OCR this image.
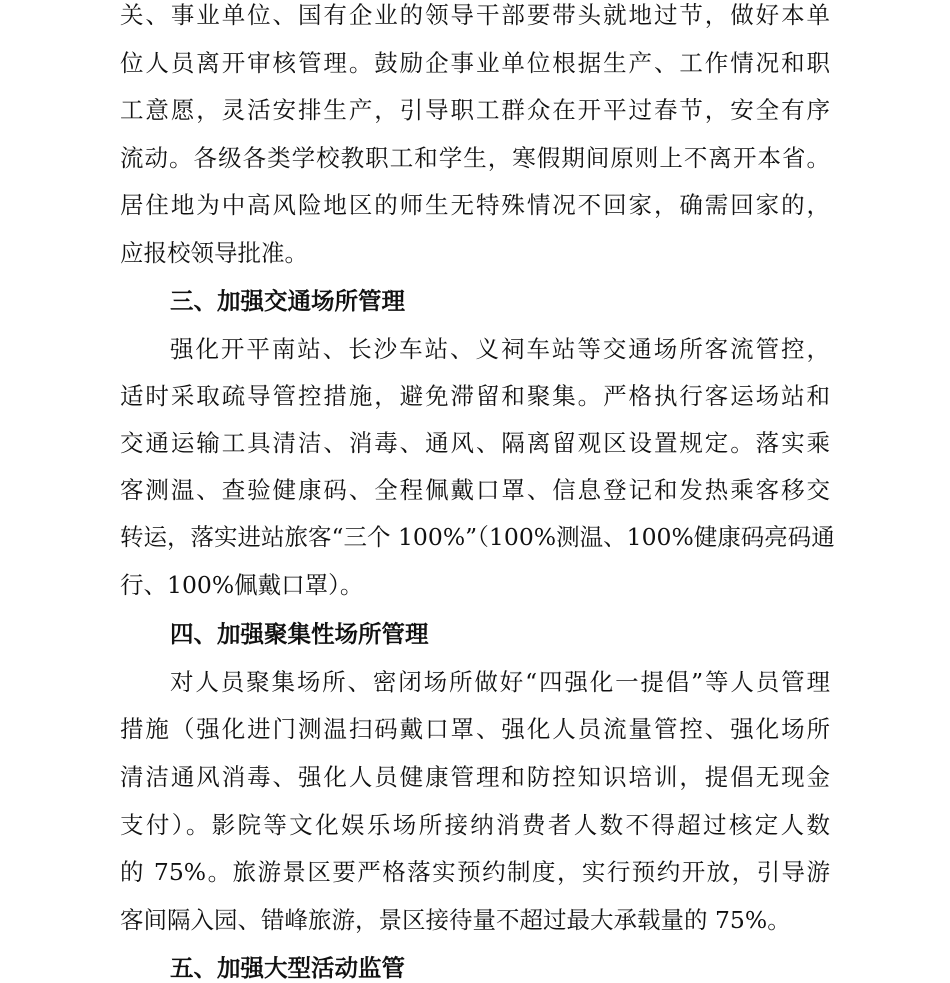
关、事业单位、国有企业的领导干部要带头就地过节，做好本单
位人员离开审核管理。鼓励企事业单位根据生产、工作情况和职
工意愿，灵活安排生产，引导职工群众在开平过春节，安全有序
流动。各级各类学校教职工和学生，寒假期间原则上不离开本省。
居住地为中高风险地区的师生无特殊情况不回家，确需回家的，
应报校领导批准。
三、加强交通场所管理
强化开平南站、长沙车站、义祠车站等交通场所客流管控，
适时采取疏导管控措施，避免滞留和聚集。严格执行客运场站和
交通运输工具清洁、消毒、通风、隔离留观区设置规定。落实乘
客测温、查验健康码、全程佩戴口罩、信息登记和发热乘客移交
转运，落实进站旅客“三个 100%”（100%测温、100%健康码亮码通
行、100%佩戴口罩）。
四、加强聚集性场所管理
对人员聚集场所、密闭场所做好“四强化一提倡”等人员管理
措施（强化进门测温扫码戴口罩、强化人员流量管控、强化场所
清洁通风消毒、强化人员健康管理和防控知识培训，提倡无现金
支付）。影院等文化娱乐场所接纳消费者人数不得超过核定人数
的 75%。旅游景区要严格落实预约制度，实行预约开放，引导游
客间隔入园、错峰旅游，景区接待量不超过最大承载量的 75%。
五、加强大型活动监管
